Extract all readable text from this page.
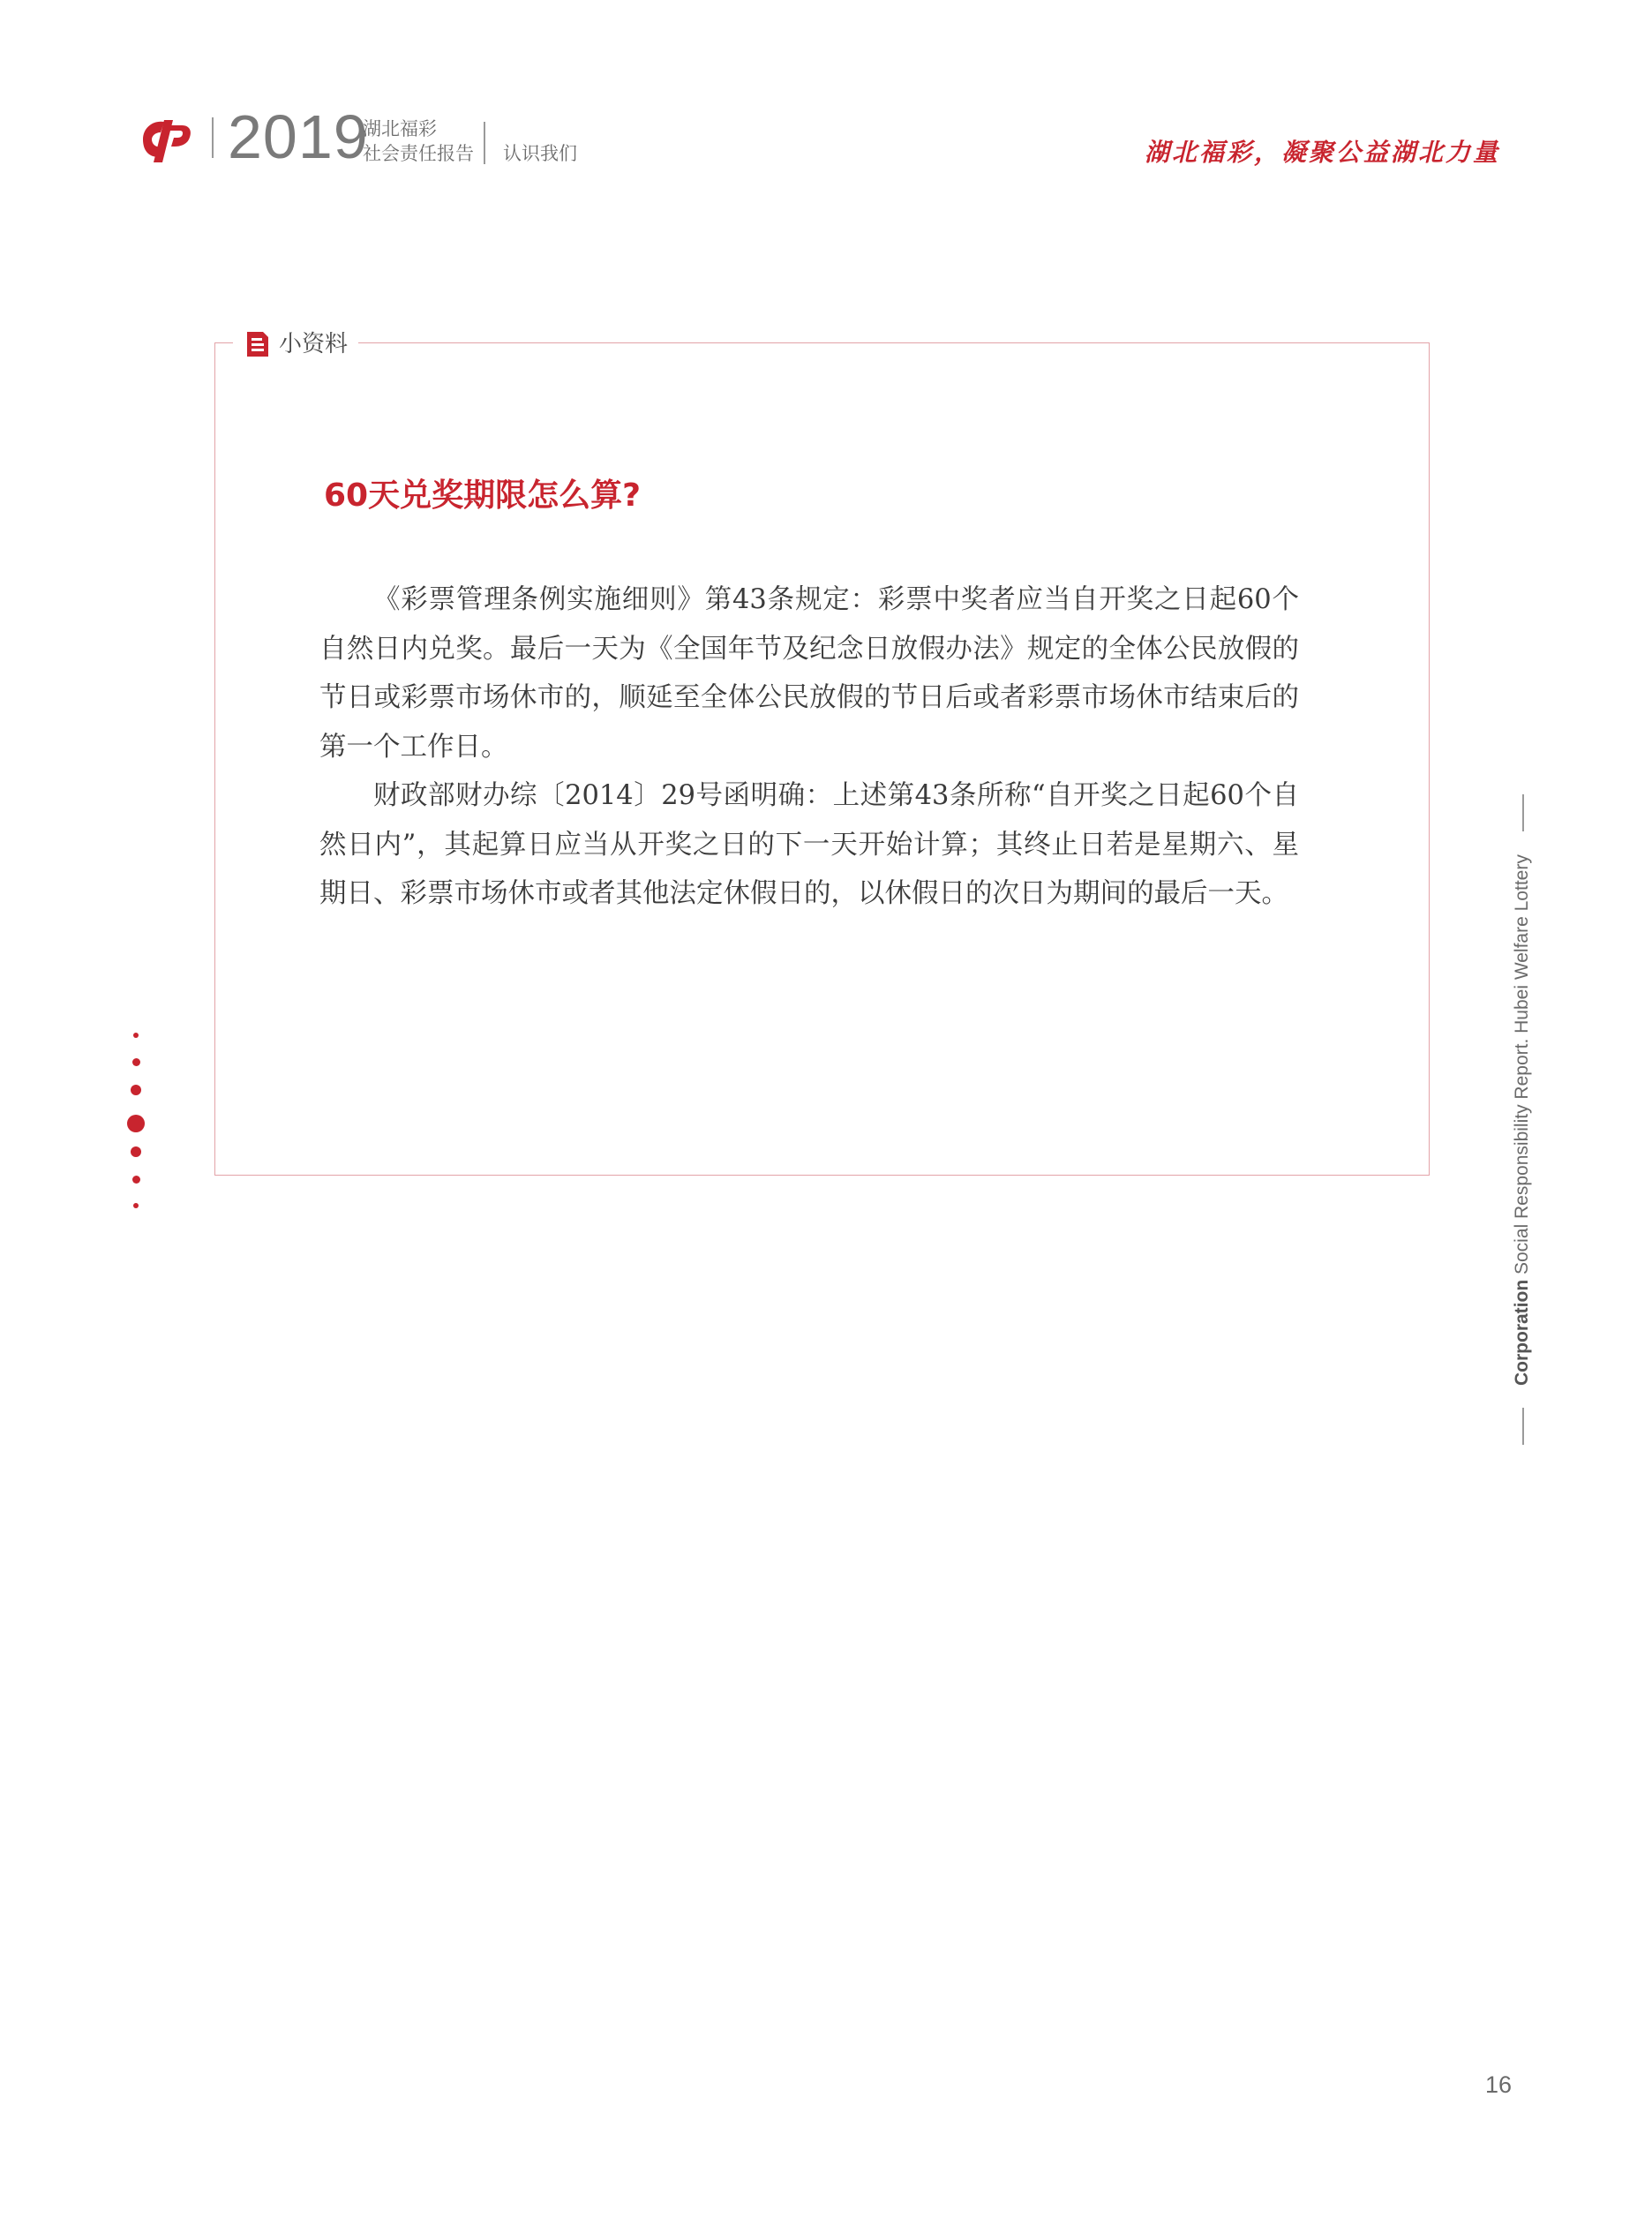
2019
湖北福彩
社会责任报告 认识我们	湖北福彩，凝聚公益湖北力量
小资料
60天兑奖期限怎么算?

《彩票管理条例实施细则》第43条规定：彩票中奖者应当自开奖之日起60个自然日内兑奖。最后一天为《全国年节及纪念日放假办法》规定的全体公民放假的节日或彩票市场休市的，顺延至全体公民放假的节日后或者彩票市场休市结束后的第一个工作日。

财政部财办综〔2014〕29号函明确：上述第43条所称“自开奖之日起60个自然日内”，其起算日应当从开奖之日的下一天开始计算；其终止日若是星期六、星期日、彩票市场休市或者其他法定休假日的，以休假日的次日为期间的最后一天。

Corporation Social Responsibility Report. Hubei Welfare Lottery
16
